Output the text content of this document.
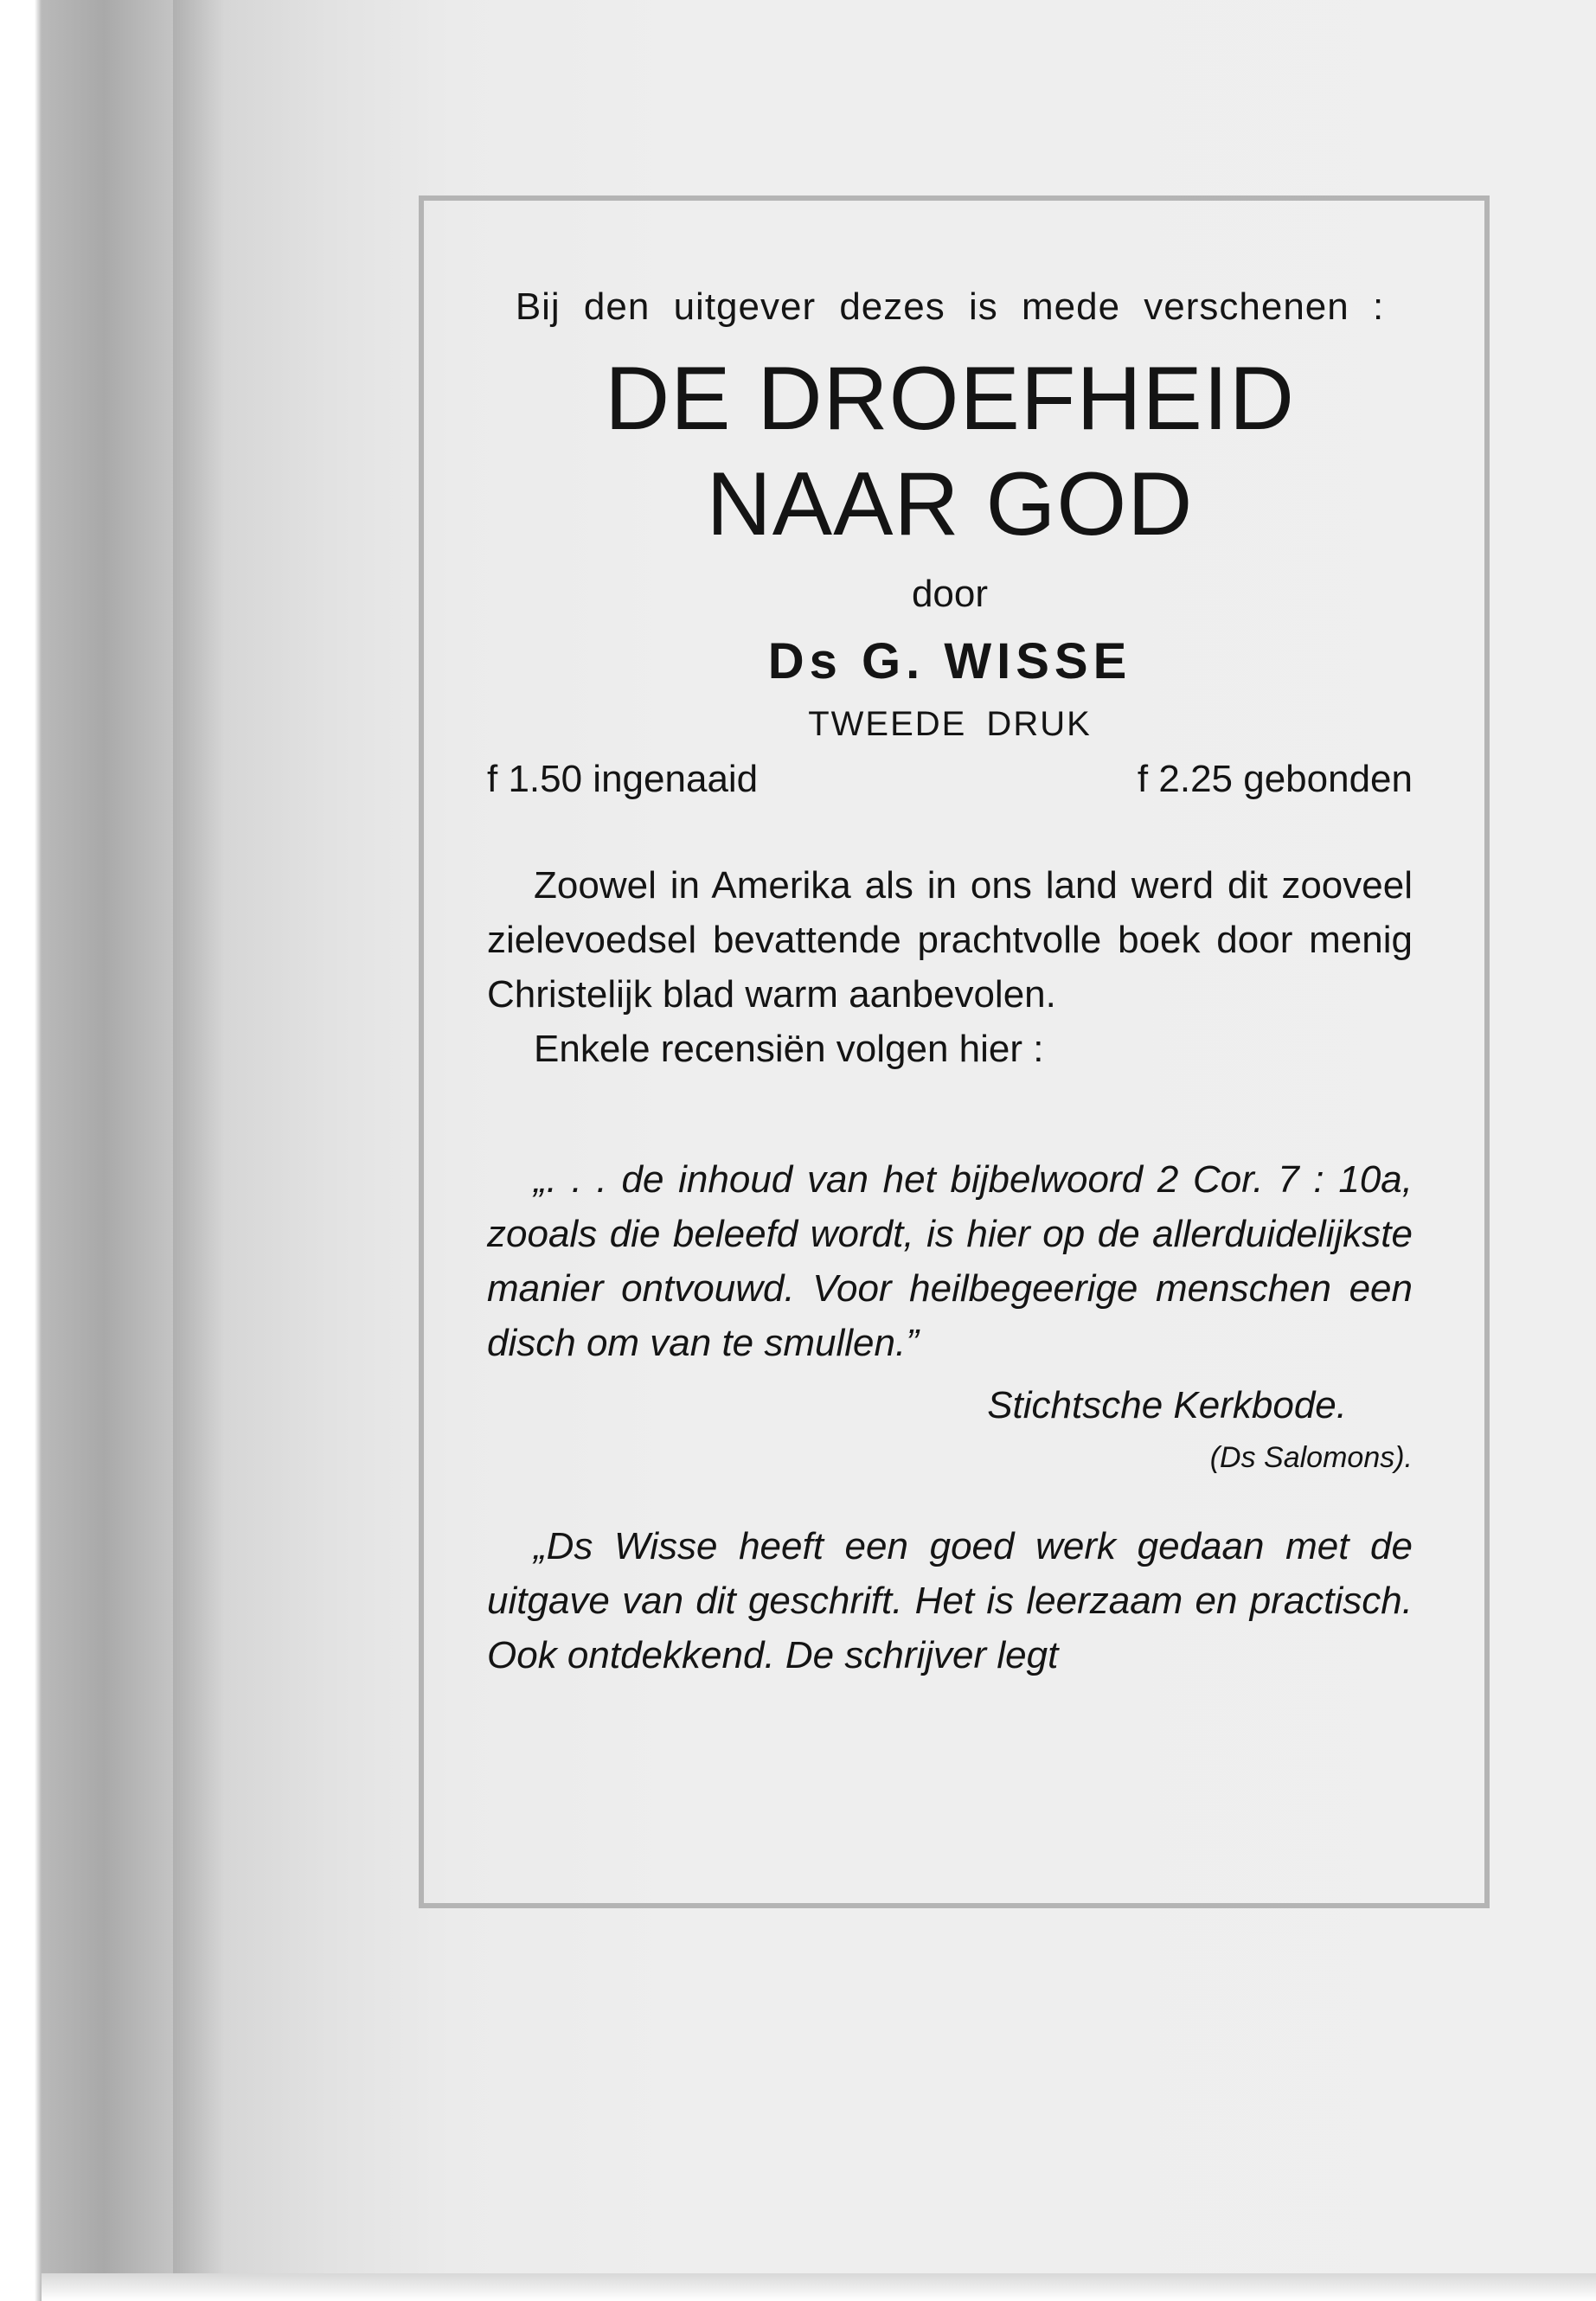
Bij den uitgever dezes is mede verschenen :

DE DROEFHEID
NAAR GOD
door
Ds G. WISSE
TWEEDE DRUK
f 1.50 ingenaaid	f 2.25 gebonden

Zoowel in Amerika als in ons land werd dit zooveel zielevoedsel bevattende prachtvolle boek door menig Christelijk blad warm aanbevolen.

Enkele recensiën volgen hier :

„. . . de inhoud van het bijbelwoord 2 Cor. 7 : 10a, zooals die beleefd wordt, is hier op de allerduidelijkste manier ontvouwd. Voor heilbegeerige menschen een disch om van te smullen.”

Stichtsche Kerkbode.
(Ds Salomons).

„Ds Wisse heeft een goed werk gedaan met de uitgave van dit geschrift. Het is leerzaam en practisch. Ook ontdekkend. De schrijver legt
